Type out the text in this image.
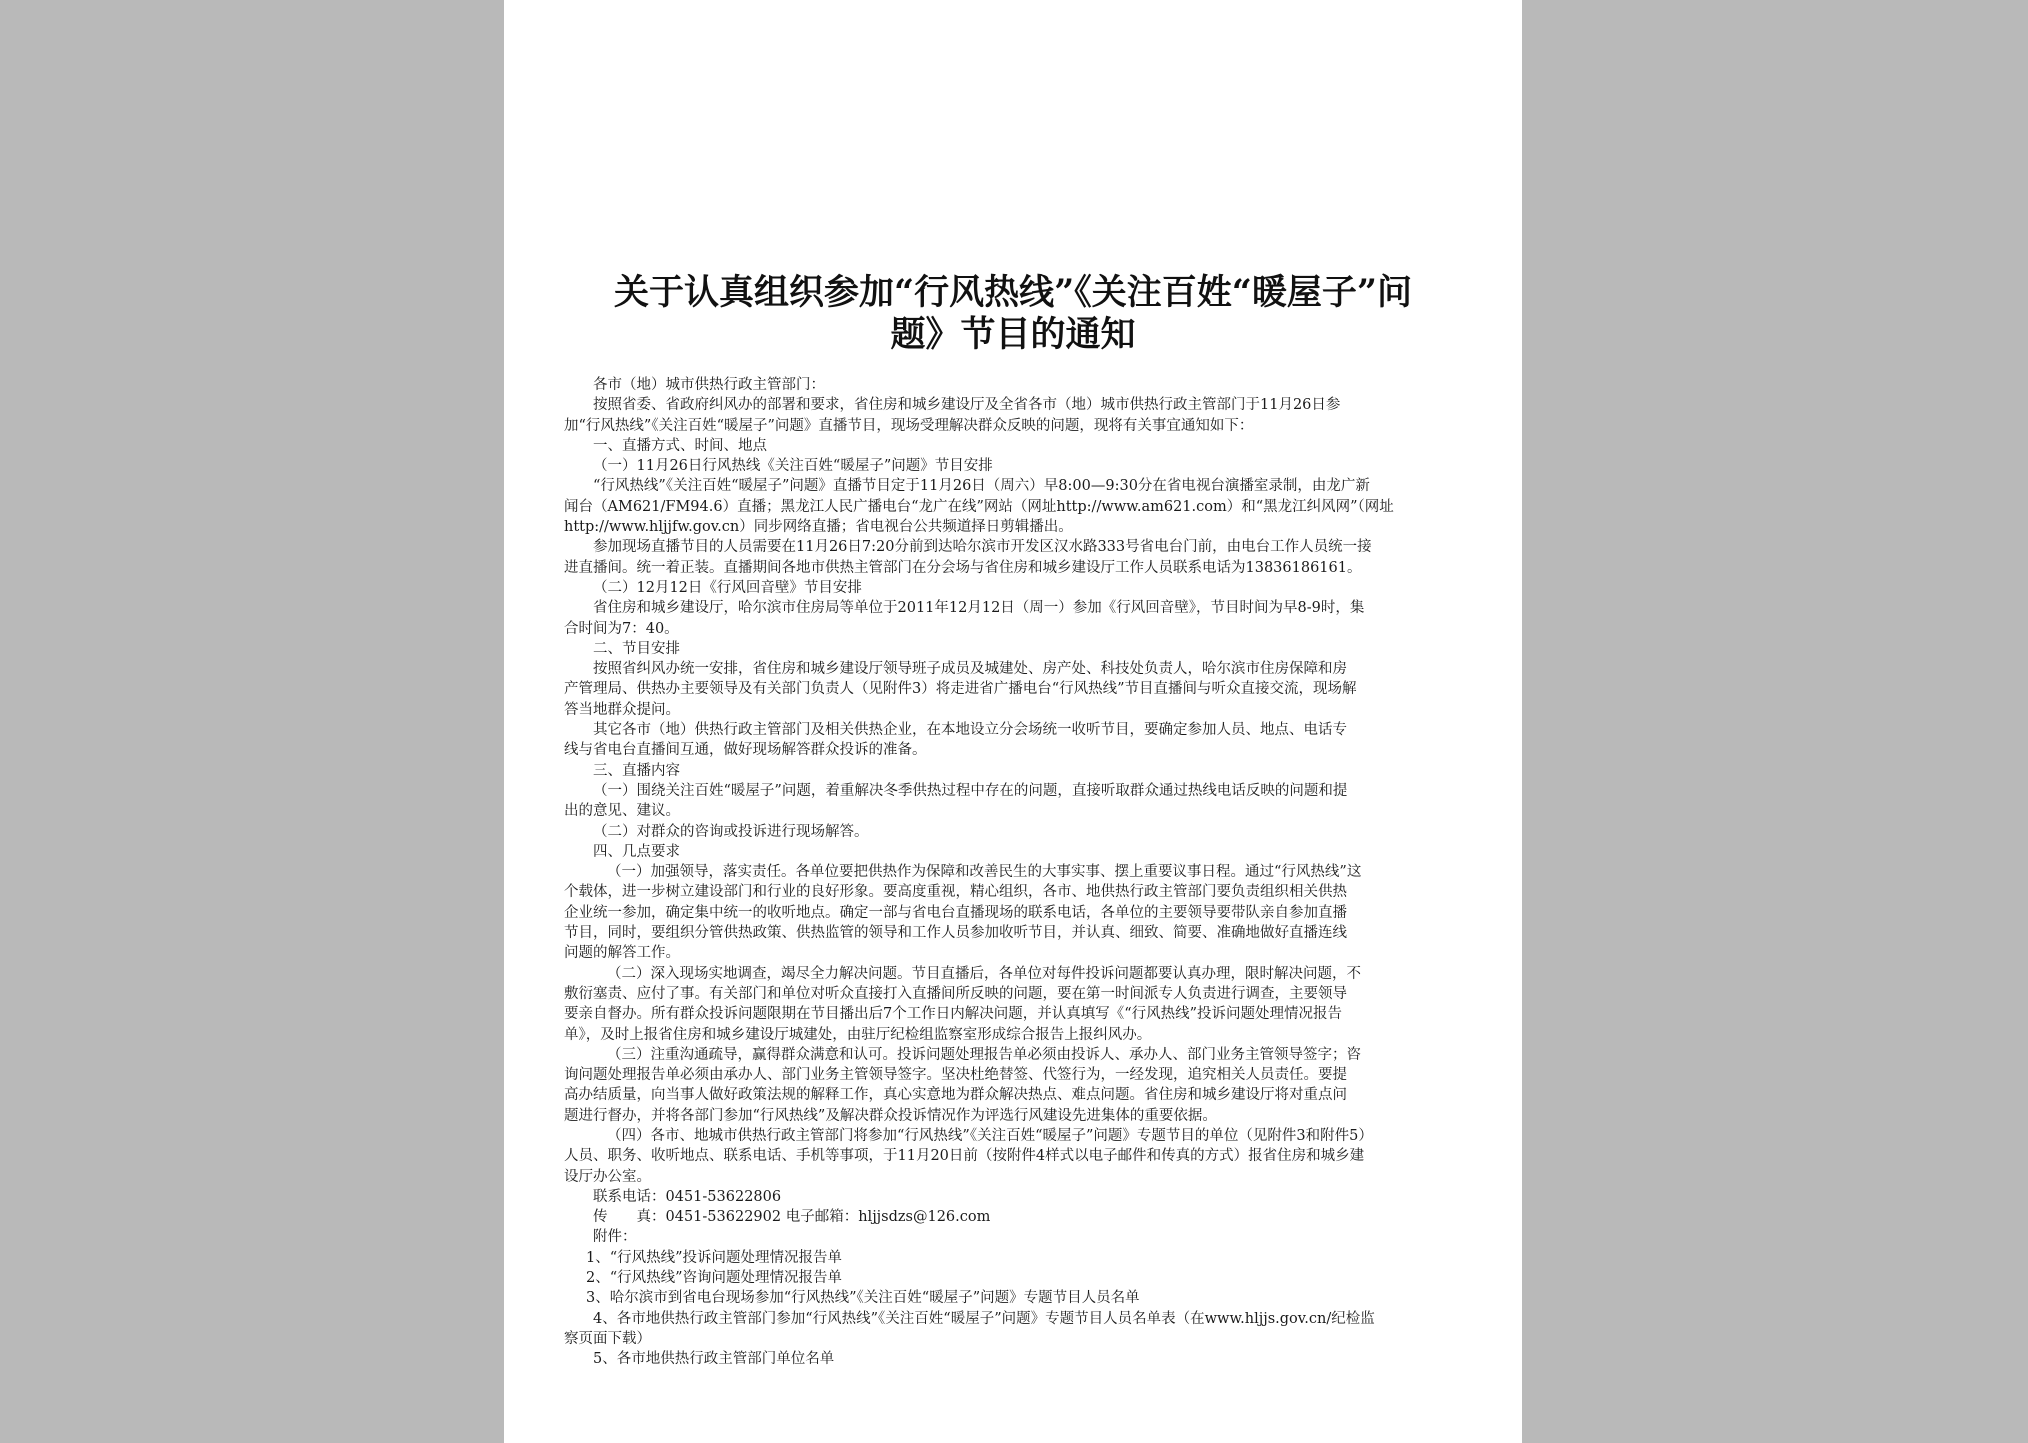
关于认真组织参加“行风热线”《关注百姓“暖屋子”问
题》节目的通知
各市（地）城市供热行政主管部门：
按照省委、省政府纠风办的部署和要求，省住房和城乡建设厅及全省各市（地）城市供热行政主管部门于11月26日参
加“行风热线”《关注百姓“暖屋子”问题》直播节目，现场受理解决群众反映的问题，现将有关事宜通知如下：
一、直播方式、时间、地点
（一）11月26日行风热线《关注百姓“暖屋子”问题》节目安排
“行风热线”《关注百姓“暖屋子”问题》直播节目定于11月26日（周六）早8:00—9:30分在省电视台演播室录制，由龙广新
闻台（AM621/FM94.6）直播；黑龙江人民广播电台“龙广在线”网站（网址http://www.am621.com）和“黑龙江纠风网”（网址
http://www.hljjfw.gov.cn）同步网络直播；省电视台公共频道择日剪辑播出。
参加现场直播节目的人员需要在11月26日7:20分前到达哈尔滨市开发区汉水路333号省电台门前，由电台工作人员统一接
进直播间。统一着正装。直播期间各地市供热主管部门在分会场与省住房和城乡建设厅工作人员联系电话为13836186161。
（二）12月12日《行风回音壁》节目安排
省住房和城乡建设厅，哈尔滨市住房局等单位于2011年12月12日（周一）参加《行风回音壁》，节目时间为早8-9时，集
合时间为7：40。
二、节目安排
按照省纠风办统一安排，省住房和城乡建设厅领导班子成员及城建处、房产处、科技处负责人，哈尔滨市住房保障和房
产管理局、供热办主要领导及有关部门负责人（见附件3）将走进省广播电台“行风热线”节目直播间与听众直接交流，现场解
答当地群众提问。
其它各市（地）供热行政主管部门及相关供热企业，在本地设立分会场统一收听节目，要确定参加人员、地点、电话专
线与省电台直播间互通，做好现场解答群众投诉的准备。
三、直播内容
（一）围绕关注百姓“暖屋子”问题，着重解决冬季供热过程中存在的问题，直接听取群众通过热线电话反映的问题和提
出的意见、建议。
（二）对群众的咨询或投诉进行现场解答。
四、几点要求
（一）加强领导，落实责任。各单位要把供热作为保障和改善民生的大事实事、摆上重要议事日程。通过“行风热线”这
个载体，进一步树立建设部门和行业的良好形象。要高度重视，精心组织，各市、地供热行政主管部门要负责组织相关供热
企业统一参加，确定集中统一的收听地点。确定一部与省电台直播现场的联系电话，各单位的主要领导要带队亲自参加直播
节目，同时，要组织分管供热政策、供热监管的领导和工作人员参加收听节目，并认真、细致、简要、准确地做好直播连线
问题的解答工作。
（二）深入现场实地调查，竭尽全力解决问题。节目直播后，各单位对每件投诉问题都要认真办理，限时解决问题，不
敷衍塞责、应付了事。有关部门和单位对听众直接打入直播间所反映的问题，要在第一时间派专人负责进行调查，主要领导
要亲自督办。所有群众投诉问题限期在节目播出后7个工作日内解决问题，并认真填写《“行风热线”投诉问题处理情况报告
单》，及时上报省住房和城乡建设厅城建处，由驻厅纪检组监察室形成综合报告上报纠风办。
（三）注重沟通疏导，赢得群众满意和认可。投诉问题处理报告单必须由投诉人、承办人、部门业务主管领导签字；咨
询问题处理报告单必须由承办人、部门业务主管领导签字。坚决杜绝替签、代签行为，一经发现，追究相关人员责任。要提
高办结质量，向当事人做好政策法规的解释工作，真心实意地为群众解决热点、难点问题。省住房和城乡建设厅将对重点问
题进行督办，并将各部门参加“行风热线”及解决群众投诉情况作为评选行风建设先进集体的重要依据。
（四）各市、地城市供热行政主管部门将参加“行风热线”《关注百姓“暖屋子”问题》专题节目的单位（见附件3和附件5）
人员、职务、收听地点、联系电话、手机等事项，于11月20日前（按附件4样式以电子邮件和传真的方式）报省住房和城乡建
设厅办公室。
联系电话：0451-53622806
传　　真：0451-53622902 电子邮箱：hljjsdzs@126.com
附件：
1、“行风热线”投诉问题处理情况报告单
2、“行风热线”咨询问题处理情况报告单
3、哈尔滨市到省电台现场参加“行风热线”《关注百姓“暖屋子”问题》专题节目人员名单
4、各市地供热行政主管部门参加“行风热线”《关注百姓“暖屋子”问题》专题节目人员名单表（在www.hljjs.gov.cn/纪检监
察页面下载）
5、各市地供热行政主管部门单位名单
